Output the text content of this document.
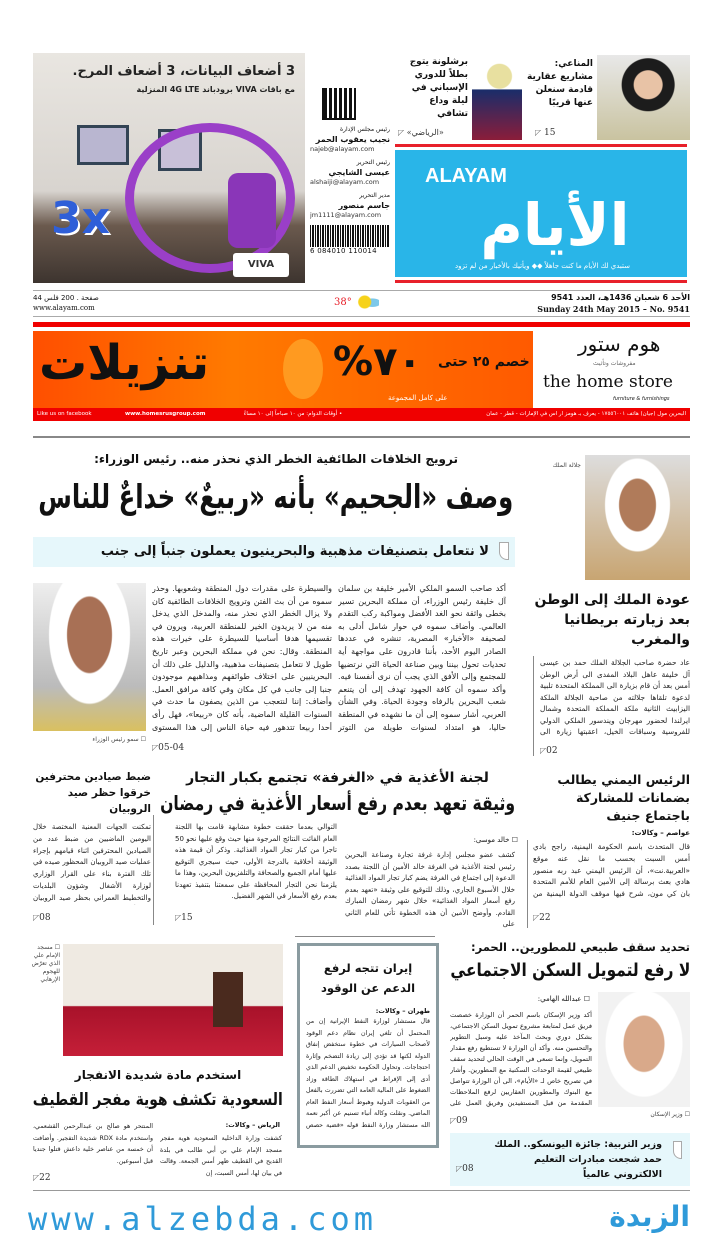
3 أضعاف البيانات، 3 أضعاف المرح.
مع باقات VIVA برودباند 4G LTE المنزلية
3x
VIVA
رئيس مجلس الإدارة
نجيب يعقوب الحمر
najeb@alayam.com
رئيس التحرير
عيسى الشايجي
alshaiji@alayam.com
مدير التحرير
جاسم منصور
jm1111@alayam.com
6 084010 110014
المناعي: مشاريع عقارية قادمة سنعلن عنها قريبًا
◸ 15
برشلونة يتوج بطلاً للدوري الإسباني في ليلة وداع تشافي
◸ «الرياضي»
ALAYAM
الأيام
ستبدي لك الأيام ما كنت جاهلاً ◆◆ ويأتيك بالأخبار من لم تزود
الأحد 6 شعبان 1436هـ، العدد 9541
Sunday 24th May 2015 – No. 9541
38°
44 صفحة . 200 فلس
www.alayam.com
تنزيلات	٧٠% خصم ٢٥ حتى
على كامل المجموعة
هوم ستور
مفروشات وتأثيث
the home store
furniture & furnishings
Like us on facebook	www.homesrusgroup.com	• أوقات الدوام: من ١٠ صباحاً إلى ١٠ مساءً	البحرين مول (جيان) هاتف ١٧٥٥٦٠٠١ - يعرف بـ هومز ار اس في الإمارات - قطر - عمان
ترويج الخلافات الطائفية الخطر الذي نحذر منه.. رئيس الوزراء:
وصف «الجحيم» بأنه «ربيعٌ» خداعٌ للناس
لا نتعامل بتصنيفات مذهبية والبحرينيون يعملون جنباً إلى جنب
جلالة الملك
☐ سمو رئيس الوزراء
والسيطرة على مقدرات دول المنطقة وشعوبها. وحذر سموه من أن بث الفتن وترويج الخلافات الطائفية كان ولا يزال الخطر الذي نحذر منه، والمدخل الذي يدخل منه من لا يريدون الخير للمنطقة العربية، ويرون في تقسيمها هدفا أساسيا للسيطرة على خيرات هذه المنطقة. وقال: نحن في مملكة البحرين وعبر تاريخ طويل لا نتعامل بتصنيفات مذهبية، والدليل على ذلك أن البحرينيين على اختلاف طوائفهم ومذاهبهم موجودون جنبا إلى جانب في كل مكان وفي كافة مرافق العمل. وأضاف: إننا لنتعجب من الذين يصفون ما حدث في السنوات القليلة الماضية، بأنه كان «ربيعا»، فهل رأى أحدا ربيعا تتدهور فيه حياة الناس إلى هذا المستوى
أكد صاحب السمو الملكي الأمير خليفة بن سلمان آل خليفة رئيس الوزراء، أن مملكة البحرين تسير بخطى واثقة نحو الغد الأفضل ومواكبة ركب التقدم العالمي. وأضاف سموه في حوار شامل أدلى به لصحيفة «الأخبار» المصرية، تنشره في عددها الصادر اليوم الأحد، بأننا قادرون على مواجهة أية تحديات تحول بيننا وبين صناعة الحياة التي نرتضيها للمجتمع وإلى الأفق الذي يجب أن نرى أنفسنا فيه. وأكد سموه أن كافة الجهود تهدف إلى أن يتنعم شعب البحرين بالرفاه وجودة الحياة. وفي الشأن العربي، أشار سموه إلى أن ما نشهده في المنطقة حاليا، هو امتداد لسنوات طويلة من التوتر
◸05-04
عودة الملك إلى الوطن بعد زيارته بريطانيا والمغرب
عاد حضرة صاحب الجلالة الملك حمد بن عيسى آل خليفة عاهل البلاد المفدى الى أرض الوطن أمس بعد أن قام بزيارة الى المملكة المتحدة تلبية لدعوة تلقاها جلالته من صاحبة الجلالة الملكة اليزابيث الثانية ملكة المملكة المتحدة وشمال ايرلندا لحضور مهرجان ويندسور الملكي الدولي للفروسية وسباقات الخيل، اعقبتها زيارة الى
◸02
الرئيس اليمني يطالب بضمانات للمشاركة باجتماع جنيف
عواصم – وكالات:
قال المتحدث باسم الحكومة اليمنية، راجح بادي أمس السبت بحسب ما نقل عنه موقع «العربية.نت»، أن الرئيس اليمني عبد ربه منصور هادي بعث برسالة إلى الأمين العام للأمم المتحدة بان كي مون، شرح فيها موقف الدولة اليمنية من
◸22
لجنة الأغذية في «الغرفة» تجتمع بكبار التجار
وثيقة تعهد بعدم رفع أسعار الأغذية في رمضان
☐ خالد موسى:
كشف عضو مجلس إدارة غرفة تجارة وصناعة البحرين رئيس لجنة الأغذية في الغرفة خالد الأمين أن اللجنة بصدد الدعوة إلى اجتماع في الغرفة يضم كبار تجار المواد الغذائية خلال الأسبوع الجاري، وذلك للتوقيع على وثيقة «تعهد بعدم رفع أسعار المواد الغذائية» خلال شهر رمضان المبارك القادم. وأوضح الأمين أن هذه الخطوة تأتي للعام الثاني على
التوالي بعدما حققت خطوة مشابهة قامت بها اللجنة العام الفائت النتائج المرجوة منها حيث وقع عليها نحو 50 تاجرا من كبار تجار المواد الغذائية. وذكر أن قيمة هذه الوثيقة أخلاقية بالدرجة الأولى، حيث سيجري التوقيع عليها أمام الجميع والصحافة والتلفزيون البحرين، وهذا ما يلزمنا نحن التجار المحافظة على سمعتنا بتنفيذ تعهدنا بعدم رفع الأسعار في الشهر الفضيل.
◸15
ضبط صيادين محترفين خرقوا حظر صيد الروبيان
تمكنت الجهات المعنية المختصة خلال اليومين الماضيين من ضبط عدد من الصيادين المحترفين اثناء قيامهم بإجراء عمليات صيد الروبيان المحظور صيده في تلك الفترة بناء على القرار الوزاري لوزارة الأشغال وشؤون البلديات والتخطيط العمراني بحظر صيد الروبيان
◸08
تحديد سقف طبيعي للمطورين.. الحمر:
لا رفع لتمويل السكن الاجتماعي
☐ عبدالله الهامي:
☐ وزير الإسكان
أكد وزير الإسكان باسم الحمر أن الوزارة خصصت فريق عمل لمتابعة مشروع تمويل السكن الاجتماعي، بشكل دوري وبحث المآخذ عليه وسبل التطوير والتحسين منه. وأكد أن الوزارة لا تستطيع رفع مقدار التمويل، وإنما تسعى في الوقت الحالي لتحديد سقف طبيعي لقيمة الوحدات السكنية مع المطورين. وأشار في تصريح خاص لـ «الأيام»، الى أن الوزارة تتواصل مع البنوك والمطورين العقاريين لرفع الملاحظات المقدمة من قبل المستفيدين وفريق العمل على
◸09
وزير التربية: جائزة اليونسكو.. الملك حمد شجعت مبادرات التعليم الالكتروني عالمياً
◸08
إيران تتجه لرفع الدعم عن الوقود
طهران – وكالات:
قال مستشار لوزارة النفط الإيرانية إن من المحتمل أن تلغي إيران نظام دعم الوقود لأصحاب السيارات في خطوة ستخفض إنفاق الدولة لكنها قد تؤدي إلى زيادة التضخم وإثارة احتجاجات. وتحاول الحكومة تخفيض الدعم الذي أدى إلى الإفراط في استهلاك الطاقة وزاد الضغوط على المالية العامة التي تضررت بالفعل من العقوبات الدولية وهبوط أسعار النفط العام الماضي. ونقلت وكالة أنباء تسنيم عن أكبر نعمة الله مستشار وزارة النفط قوله «قضية حصص
☐ مسجد الإمام علي الذي تعرّض للهجوم الإرهابي
استخدم مادة شديدة الانفجار
السعودية تكشف هوية مفجر القطيف
الرياض – وكالات:
كشفت وزارة الداخلية السعودية هوية مفجر مسجد الإمام علي بن أبي طالب في بلدة القديح في القطيف ظهر أمس الجمعة. وقالت في بيان لها، أمس السبت، إن
المنتحر هو صالح بن عبدالرحمن القشعمي، واستخدم مادة RDX شديدة التفجير. وأضافت أن خمسة من عناصر خلية داعش قتلوا جنديا قبل أسبوعين.
◸22
www.alzebda.com	الزبدة
